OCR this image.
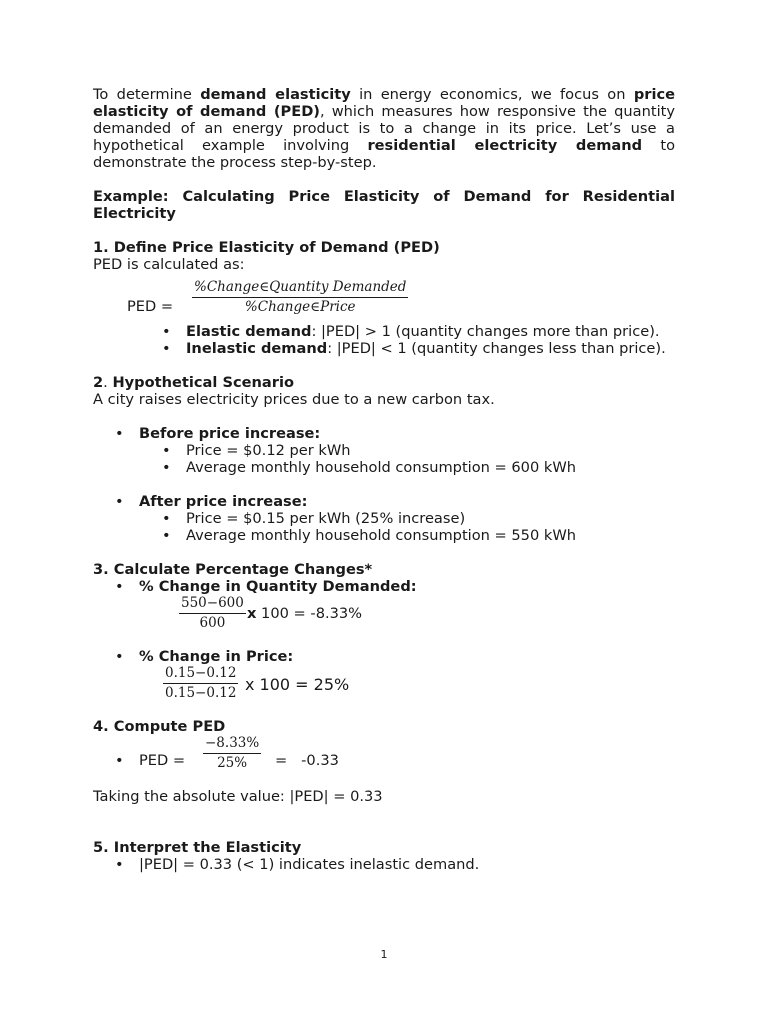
To determine demand elasticity in energy economics, we focus on price elasticity of demand (PED), which measures how responsive the quantity demanded of an energy product is to a change in its price. Let’s use a hypothetical example involving residential electricity demand to demonstrate the process step-by-step.

Example: Calculating Price Elasticity of Demand for Residential Electricity

1. Define Price Elasticity of Demand (PED)

PED is calculated as:

PED =
%Change∈Quantity Demanded
%Change∈Price
• Elastic demand: |PED| > 1 (quantity changes more than price).
• Inelastic demand: |PED| < 1 (quantity changes less than price).

2. Hypothetical Scenario

A city raises electricity prices due to a new carbon tax.

• Before price increase:
• Price = $0.12 per kWh
• Average monthly household consumption = 600 kWh
• After price increase:
• Price = $0.15 per kWh (25% increase)
• Average monthly household consumption = 550 kWh

3. Calculate Percentage Changes*

• % Change in Quantity Demanded:
$\frac{550-600}{600}$ x 100 = -8.33%
• % Change in Price:
$\frac{0.15-0.12}{0.15-0.12}$ x 100 = 25%

4. Compute PED

• PED = $\frac{-8.33\%}{25\%} = -0.33$

Taking the absolute value: |PED| = 0.33

5. Interpret the Elasticity

• |PED| = 0.33 (< 1) indicates inelastic demand.
1
